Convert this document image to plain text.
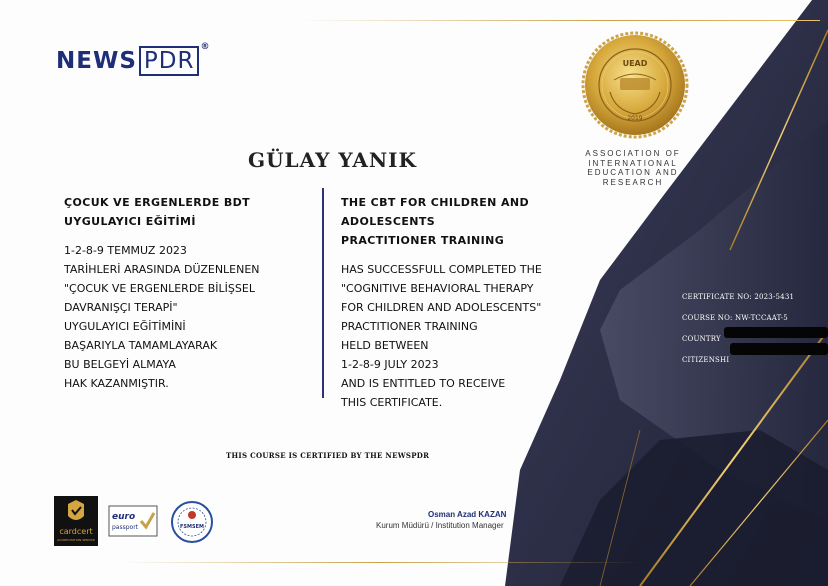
NEWS PDR®
GÜLAY YANIK
UEAD
2019
ASSOCIATION OF
INTERNATIONAL
EDUCATION AND
RESEARCH
ÇOCUK VE ERGENLERDE BDT
UYGULAYICI EĞİTİMİ
1-2-8-9 TEMMUZ 2023
TARİHLERİ ARASINDA DÜZENLENEN
"ÇOCUK VE ERGENLERDE BİLİŞSEL
DAVRANIŞÇI TERAPİ"
UYGULAYICI EĞİTİMİNİ
BAŞARIYLA TAMAMLAYARAK
BU BELGEYİ ALMAYA
HAK KAZANMIŞTIR.
THE CBT FOR CHILDREN AND ADOLESCENTS
PRACTITIONER TRAINING
HAS SUCCESSFULL COMPLETED THE
"COGNITIVE BEHAVIORAL THERAPY
FOR CHILDREN AND ADOLESCENTS"
PRACTITIONER TRAINING
HELD BETWEEN
1-2-8-9 JULY 2023
AND IS ENTITLED TO RECEIVE
THIS CERTIFICATE.
CERTIFICATE NO: 2023-5431
COURSE NO: NW-TCCAAT-5
COUNTRY
CITIZENSHI
THIS COURSE IS CERTIFIED BY THE NEWSPDR
Osman Azad KAZAN
Kurum Müdürü / Institution Manager
cardcert
ACCREDITATION SERVICE
euro
passport	FSMSEM
